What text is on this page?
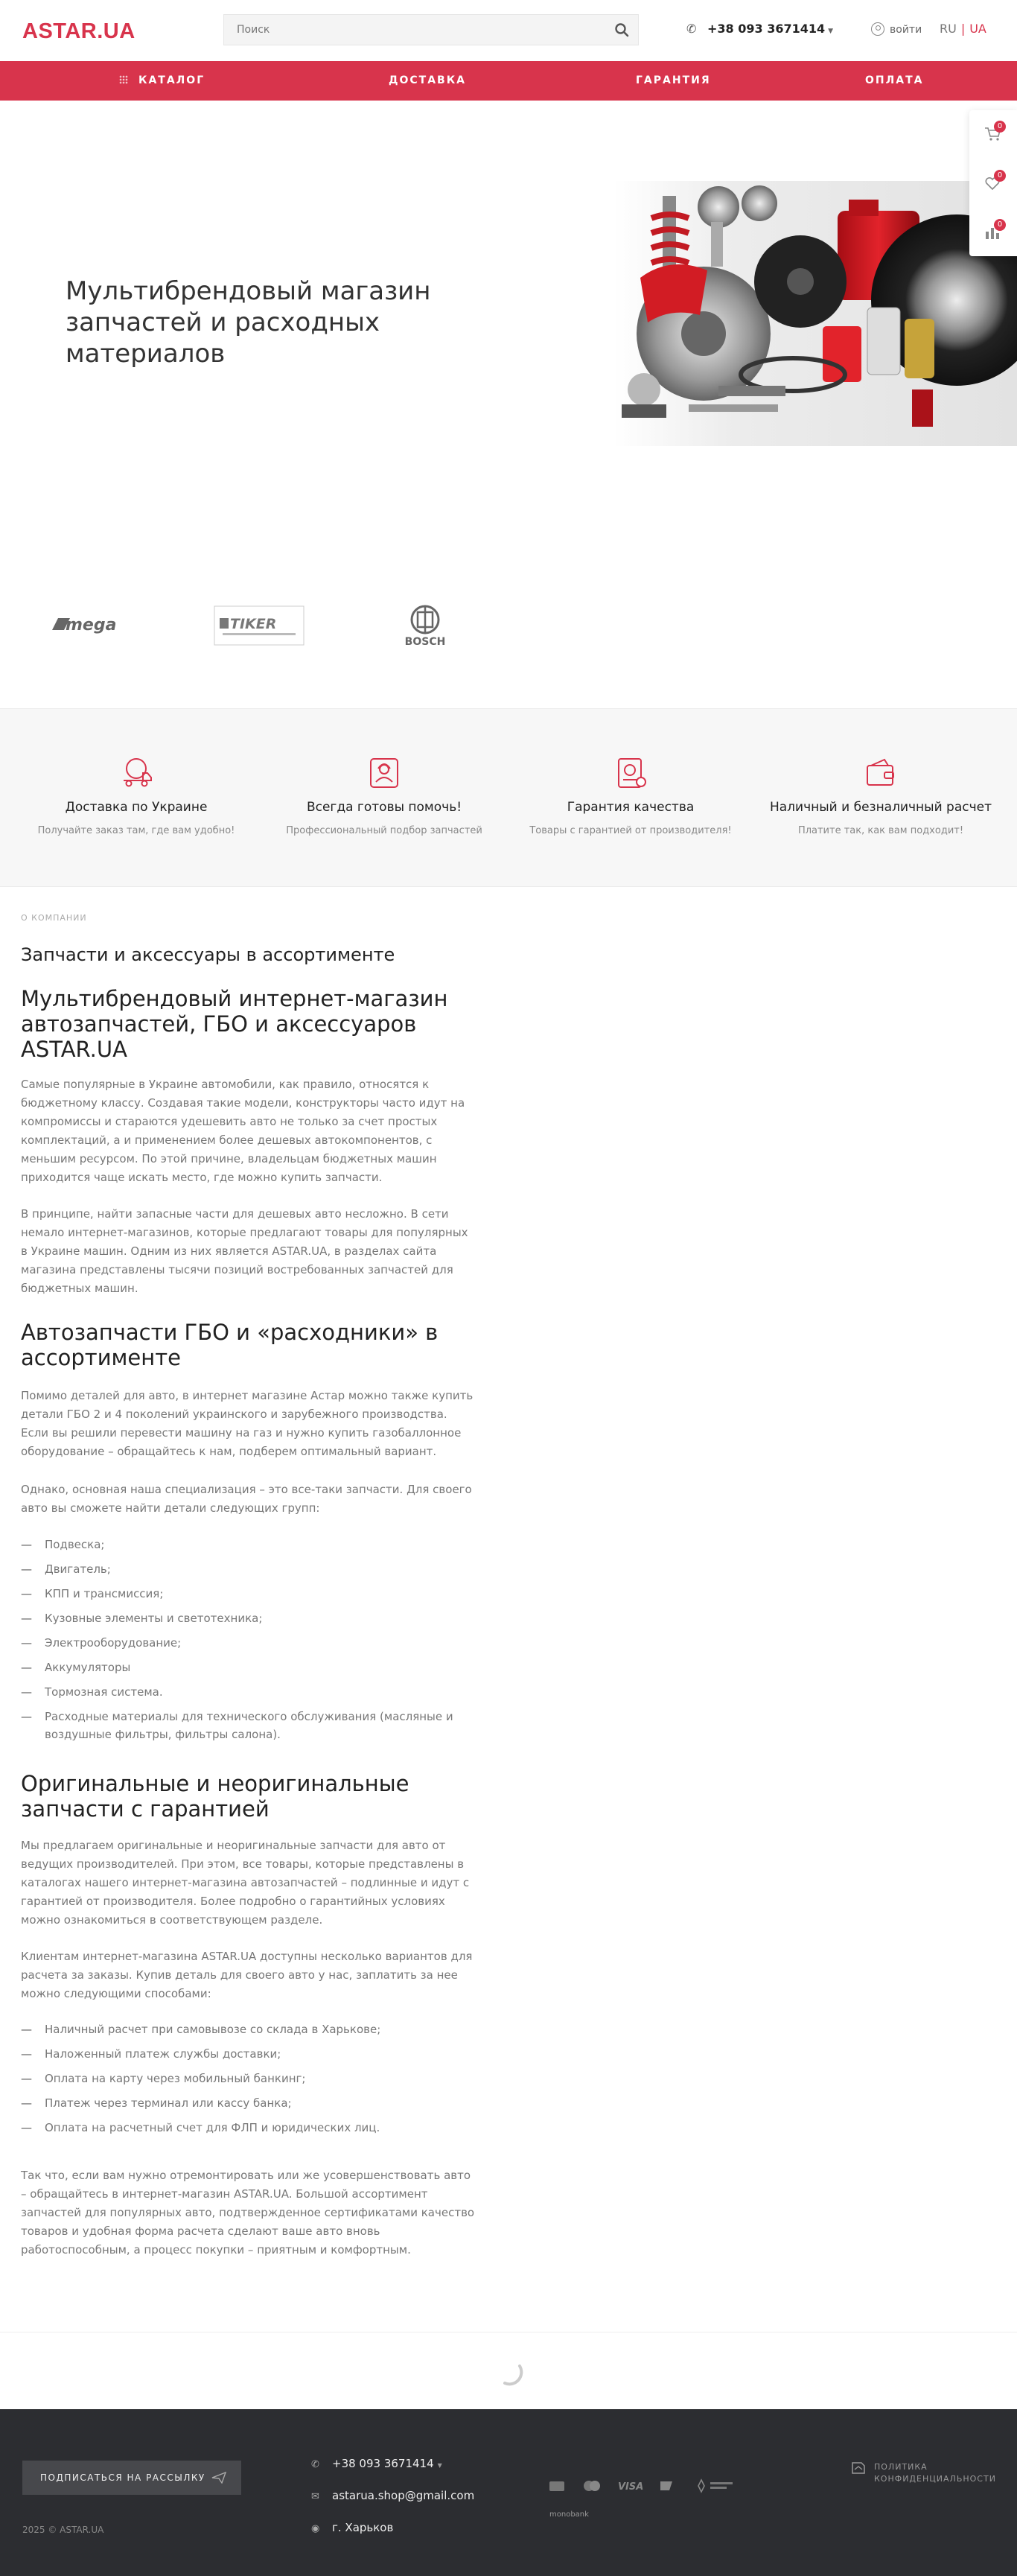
ASTAR.UA
Поиск	✆ +38 093 3671414 ▼	войти RU | UA
КАТАЛОГ	ДОСТАВКА	ГАРАНТИЯ	ОПЛАТА
Мультибрендовый магазин запчастей и расходных материалов
0
0
0
mega	TIKER
BOSCH
Доставка по Украине
Получайте заказ там, где вам удобно!
Всегда готовы помочь!
Профессиональный подбор запчастей
Гарантия качества
Товары с гарантией от производителя!
Наличный и безналичный расчет
Платите так, как вам подходит!
О КОМПАНИИ
Запчасти и аксессуары в ассортименте
Мультибрендовый интернет-магазин автозапчастей, ГБО и аксессуаров ASTAR.UA

Самые популярные в Украине автомобили, как правило, относятся к бюджетному классу. Создавая такие модели, конструкторы часто идут на компромиссы и стараются удешевить авто не только за счет простых комплектаций, а и применением более дешевых автокомпонентов, с меньшим ресурсом. По этой причине, владельцам бюджетных машин приходится чаще искать место, где можно купить запчасти.

В принципе, найти запасные части для дешевых авто несложно. В сети немало интернет-магазинов, которые предлагают товары для популярных в Украине машин. Одним из них является ASTAR.UA, в разделах сайта магазина представлены тысячи позиций востребованных запчастей для бюджетных машин.

Автозапчасти ГБО и «расходники» в ассортименте

Помимо деталей для авто, в интернет магазине Астар можно также купить детали ГБО 2 и 4 поколений украинского и зарубежного производства. Если вы решили перевести машину на газ и нужно купить газобаллонное оборудование – обращайтесь к нам, подберем оптимальный вариант.

Однако, основная наша специализация – это все-таки запчасти. Для своего авто вы сможете найти детали следующих групп:

— Подвеска;
— Двигатель;
— КПП и трансмиссия;
— Кузовные элементы и светотехника;
— Электрооборудование;
— Аккумуляторы
— Тормозная система.
— Расходные материалы для технического обслуживания (масляные и воздушные фильтры, фильтры салона).
Оригинальные и неоригинальные запчасти с гарантией

Мы предлагаем оригинальные и неоригинальные запчасти для авто от ведущих производителей. При этом, все товары, которые представлены в каталогах нашего интернет-магазина автозапчастей – подлинные и идут с гарантией от производителя. Более подробно о гарантийных условиях можно ознакомиться в соответствующем разделе.

Клиентам интернет-магазина ASTAR.UA доступны несколько вариантов для расчета за заказы. Купив деталь для своего авто у нас, заплатить за нее можно следующими способами:

— Наличный расчет при самовывозе со склада в Харькове;
— Наложенный платеж службы доставки;
— Оплата на карту через мобильный банкинг;
— Платеж через терминал или кассу банка;
— Оплата на расчетный счет для ФЛП и юридических лиц.

Так что, если вам нужно отремонтировать или же усовершенствовать авто – обращайтесь в интернет-магазин ASTAR.UA. Большой ассортимент запчастей для популярных авто, подтвержденное сертификатами качество товаров и удобная форма расчета сделают ваше авто вновь работоспособным, а процесс покупки – приятным и комфортным.

ПОДПИСАТЬСЯ НА РАССЫЛКУ
2025 © ASTAR.UA
✆ +38 093 3671414 ▼
✉ astarua.shop@gmail.com
◉ г. Харьков
VISA
monobank
ПОЛИТИКА КОНФИДЕНЦИАЛЬНОСТИ
